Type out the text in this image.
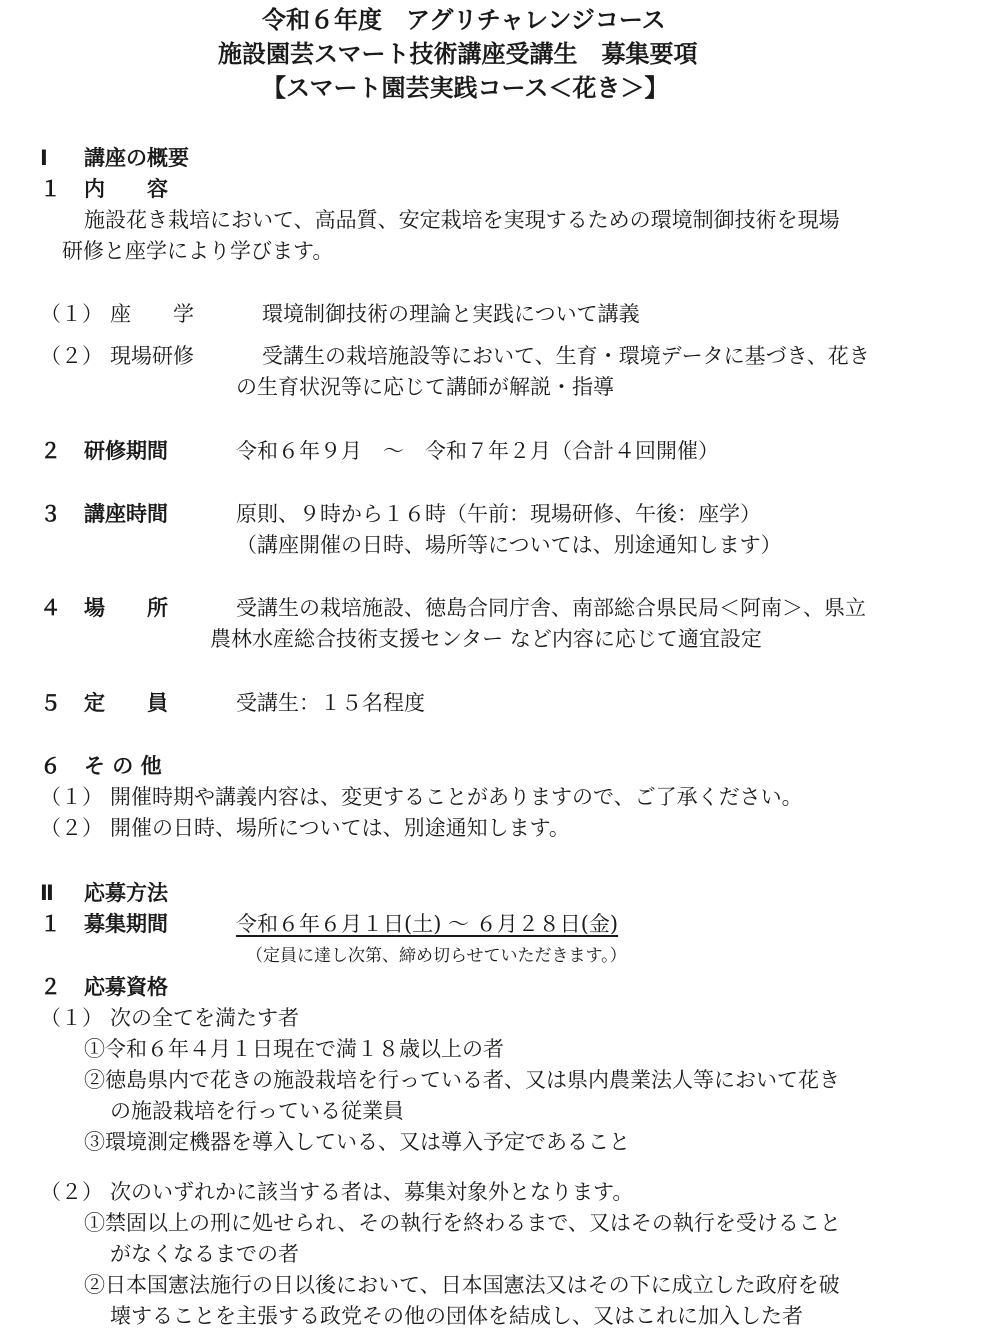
令和６年度　アグリチャレンジコース
施設園芸スマート技術講座受講生　募集要項
【スマート園芸実践コース＜花き＞】
Ⅰ 講座の概要
１ 内　　容
施設花き栽培において、高品質、安定栽培を実現するための環境制御技術を現場
研修と座学により学びます。
（１） 座　　学	環境制御技術の理論と実践について講義
（２） 現場研修	受講生の栽培施設等において、生育・環境データに基づき、花き
の生育状況等に応じて講師が解説・指導
２ 研修期間	令和６年９月　～　令和７年２月（合計４回開催）
３ 講座時間	原則、９時から１６時（午前：現場研修、午後：座学）
（講座開催の日時、場所等については、別途通知します）
４ 場　　所	受講生の栽培施設、徳島合同庁舎、南部総合県民局＜阿南＞、県立
農林水産総合技術支援センター など内容に応じて適宜設定
５ 定　　員	受講生：１５名程度
６ そ の 他
（１） 開催時期や講義内容は、変更することがありますので、ご了承ください。
（２） 開催の日時、場所については、別途通知します。
Ⅱ 応募方法
１ 募集期間	令和６年６月１日(土) ～ ６月２８日(金)
（定員に達し次第、締め切らせていただきます。）
２ 応募資格
（１） 次の全てを満たす者
①令和６年４月１日現在で満１８歳以上の者
②徳島県内で花きの施設栽培を行っている者、又は県内農業法人等において花き
の施設栽培を行っている従業員
③環境測定機器を導入している、又は導入予定であること
（２） 次のいずれかに該当する者は、募集対象外となります。
①禁固以上の刑に処せられ、その執行を終わるまで、又はその執行を受けること
がなくなるまでの者
②日本国憲法施行の日以後において、日本国憲法又はその下に成立した政府を破
壊することを主張する政党その他の団体を結成し、又はこれに加入した者
